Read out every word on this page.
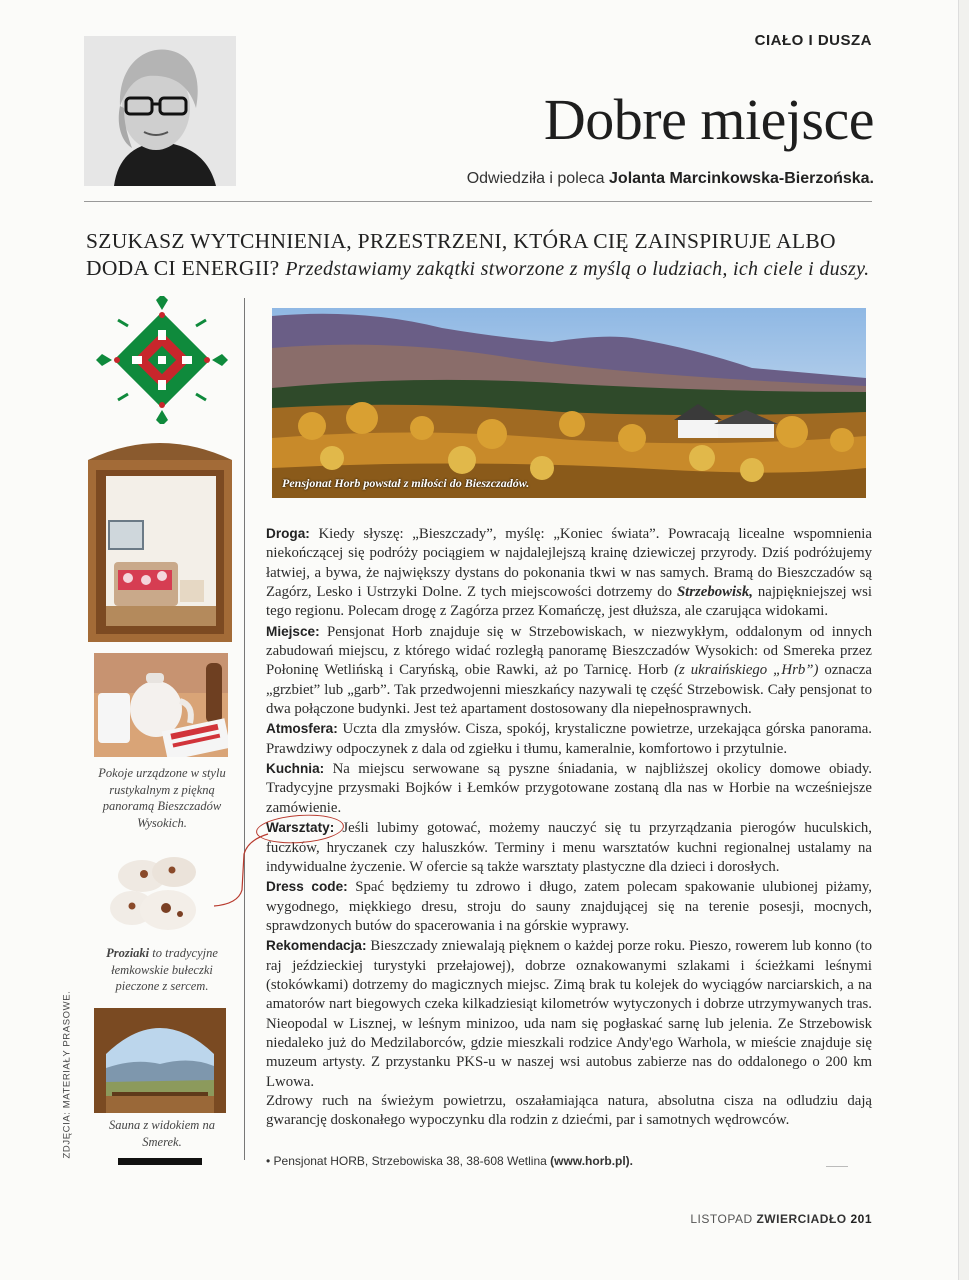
CIAŁO I DUSZA
Dobre miejsce
Odwiedziła i poleca Jolanta Marcinkowska-Bierzońska.
SZUKASZ WYTCHNIENIA, PRZESTRZENI, KTÓRA CIĘ ZAINSPIRUJE ALBO
DODA CI ENERGII? Przedstawiamy zakątki stworzone z myślą o ludziach, ich ciele i duszy.
Pokoje urządzone w stylu rustykalnym z piękną panoramą Bieszczadów Wysokich.
Proziaki to tradycyjne łemkowskie bułeczki pieczone z sercem.
Sauna z widokiem na Smerek.
ZDJĘCIA: MATERIAŁY PRASOWE.
Pensjonat Horb powstał z miłości do Bieszczadów.

Droga: Kiedy słyszę: „Bieszczady”, myślę: „Koniec świata”. Powracają licealne wspomnienia niekończącej się podróży pociągiem w najdalejlejszą krainę dziewiczej przyrody. Dziś podróżujemy łatwiej, a bywa, że największy dystans do pokonania tkwi w nas samych. Bramą do Bieszczadów są Zagórz, Lesko i Ustrzyki Dolne. Z tych miejscowości dotrzemy do Strzebowisk, najpiękniejszej wsi tego regionu. Polecam drogę z Zagórza przez Komańczę, jest dłuższa, ale czarująca widokami.

Miejsce: Pensjonat Horb znajduje się w Strzebowiskach, w niezwykłym, oddalonym od innych zabudowań miejscu, z którego widać rozległą panoramę Bieszczadów Wysokich: od Smereka przez Połoninę Wetlińską i Caryńską, obie Rawki, aż po Tarnicę. Horb (z ukraińskiego „Hrb”) oznacza „grzbiet” lub „garb”. Tak przedwojenni mieszkańcy nazywali tę część Strzebowisk. Cały pensjonat to dwa połączone budynki. Jest też apartament dostosowany dla niepełnosprawnych.

Atmosfera: Uczta dla zmysłów. Cisza, spokój, krystaliczne powietrze, urzekająca górska panorama. Prawdziwy odpoczynek z dala od zgiełku i tłumu, kameralnie, komfortowo i przytulnie.

Kuchnia: Na miejscu serwowane są pyszne śniadania, w najbliższej okolicy domowe obiady. Tradycyjne przysmaki Bojków i Łemków przygotowane zostaną dla nas w Horbie na wcześniejsze zamówienie.

Warsztaty: Jeśli lubimy gotować, możemy nauczyć się tu przyrządzania pierogów huculskich, fuczków, hryczanek czy haluszków. Terminy i menu warsztatów kuchni regionalnej ustalamy na indywidualne życzenie. W ofercie są także warsztaty plastyczne dla dzieci i dorosłych.

Dress code: Spać będziemy tu zdrowo i długo, zatem polecam spakowanie ulubionej piżamy, wygodnego, miękkiego dresu, stroju do sauny znajdującej się na terenie posesji, mocnych, sprawdzonych butów do spacerowania i na górskie wyprawy.

Rekomendacja: Bieszczady zniewalają pięknem o każdej porze roku. Pieszo, rowerem lub konno (to raj jeździeckiej turystyki przełajowej), dobrze oznakowanymi szlakami i ścieżkami leśnymi (stokówkami) dotrzemy do magicznych miejsc. Zimą brak tu kolejek do wyciągów narciarskich, a na amatorów nart biegowych czeka kilkadziesiąt kilometrów wytyczonych i dobrze utrzymywanych tras. Nieopodal w Lisznej, w leśnym minizoo, uda nam się pogłaskać sarnę lub jelenia. Ze Strzebowisk niedaleko już do Medzilaborców, gdzie mieszkali rodzice Andy'ego Warhola, w mieście znajduje się muzeum artysty. Z przystanku PKS-u w naszej wsi autobus zabierze nas do oddalonego o 200 km Lwowa.

Zdrowy ruch na świeżym powietrzu, oszałamiająca natura, absolutna cisza na odludziu dają gwarancję doskonałego wypoczynku dla rodzin z dziećmi, par i samotnych wędrowców.

• Pensjonat HORB, Strzebowiska 38, 38-608 Wetlina (www.horb.pl).
LISTOPAD ZWIERCIADŁO 201
